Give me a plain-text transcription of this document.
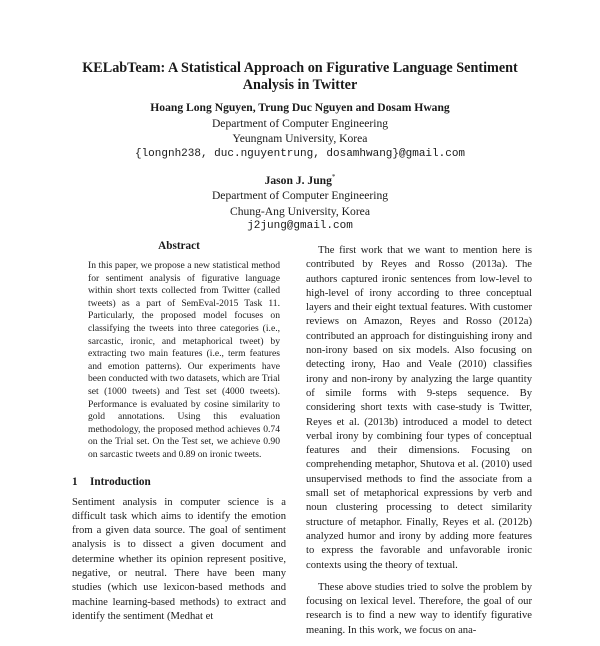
KELabTeam: A Statistical Approach on Figurative Language Sentiment
Analysis in Twitter
Hoang Long Nguyen, Trung Duc Nguyen and Dosam Hwang
Department of Computer Engineering
Yeungnam University, Korea
{longnh238, duc.nguyentrung, dosamhwang}@gmail.com
Jason J. Jung*
Department of Computer Engineering
Chung-Ang University, Korea
j2jung@gmail.com
Abstract
In this paper, we propose a new statistical method for sentiment analysis of figurative language within short texts collected from Twitter (called tweets) as a part of SemEval-2015 Task 11. Particularly, the proposed model focuses on classifying the tweets into three categories (i.e., sarcastic, ironic, and metaphorical tweet) by extracting two main features (i.e., term features and emotion patterns). Our experiments have been conducted with two datasets, which are Trial set (1000 tweets) and Test set (4000 tweets). Performance is evaluated by cosine similarity to gold annotations. Using this evaluation methodology, the proposed method achieves 0.74 on the Trial set. On the Test set, we achieve 0.90 on sarcastic tweets and 0.89 on ironic tweets.
1 Introduction
Sentiment analysis in computer science is a difficult task which aims to identify the emotion from a given data source. The goal of sentiment analysis is to dissect a given document and determine whether its opinion represent positive, negative, or neutral. There have been many studies (which use lexicon-based methods and machine learning-based methods) to extract and identify the sentiment (Medhat et
The first work that we want to mention here is contributed by Reyes and Rosso (2013a). The authors captured ironic sentences from low-level to high-level of irony according to three conceptual layers and their eight textual features. With customer reviews on Amazon, Reyes and Rosso (2012a) contributed an approach for distinguishing irony and non-irony based on six models. Also focusing on detecting irony, Hao and Veale (2010) classifies irony and non-irony by analyzing the large quantity of simile forms with 9-steps sequence. By considering short texts with case-study is Twitter, Reyes et al. (2013b) introduced a model to detect verbal irony by combining four types of conceptual features and their dimensions. Focusing on comprehending metaphor, Shutova et al. (2010) used unsupervised methods to find the associate from a small set of metaphorical expressions by verb and noun clustering processing to detect similarity structure of metaphor. Finally, Reyes et al. (2012b) analyzed humor and irony by adding more features to express the favorable and unfavorable ironic contexts using the theory of textual.
These above studies tried to solve the problem by focusing on lexical level. Therefore, the goal of our research is to find a new way to identify figurative meaning. In this work, we focus on ana-
